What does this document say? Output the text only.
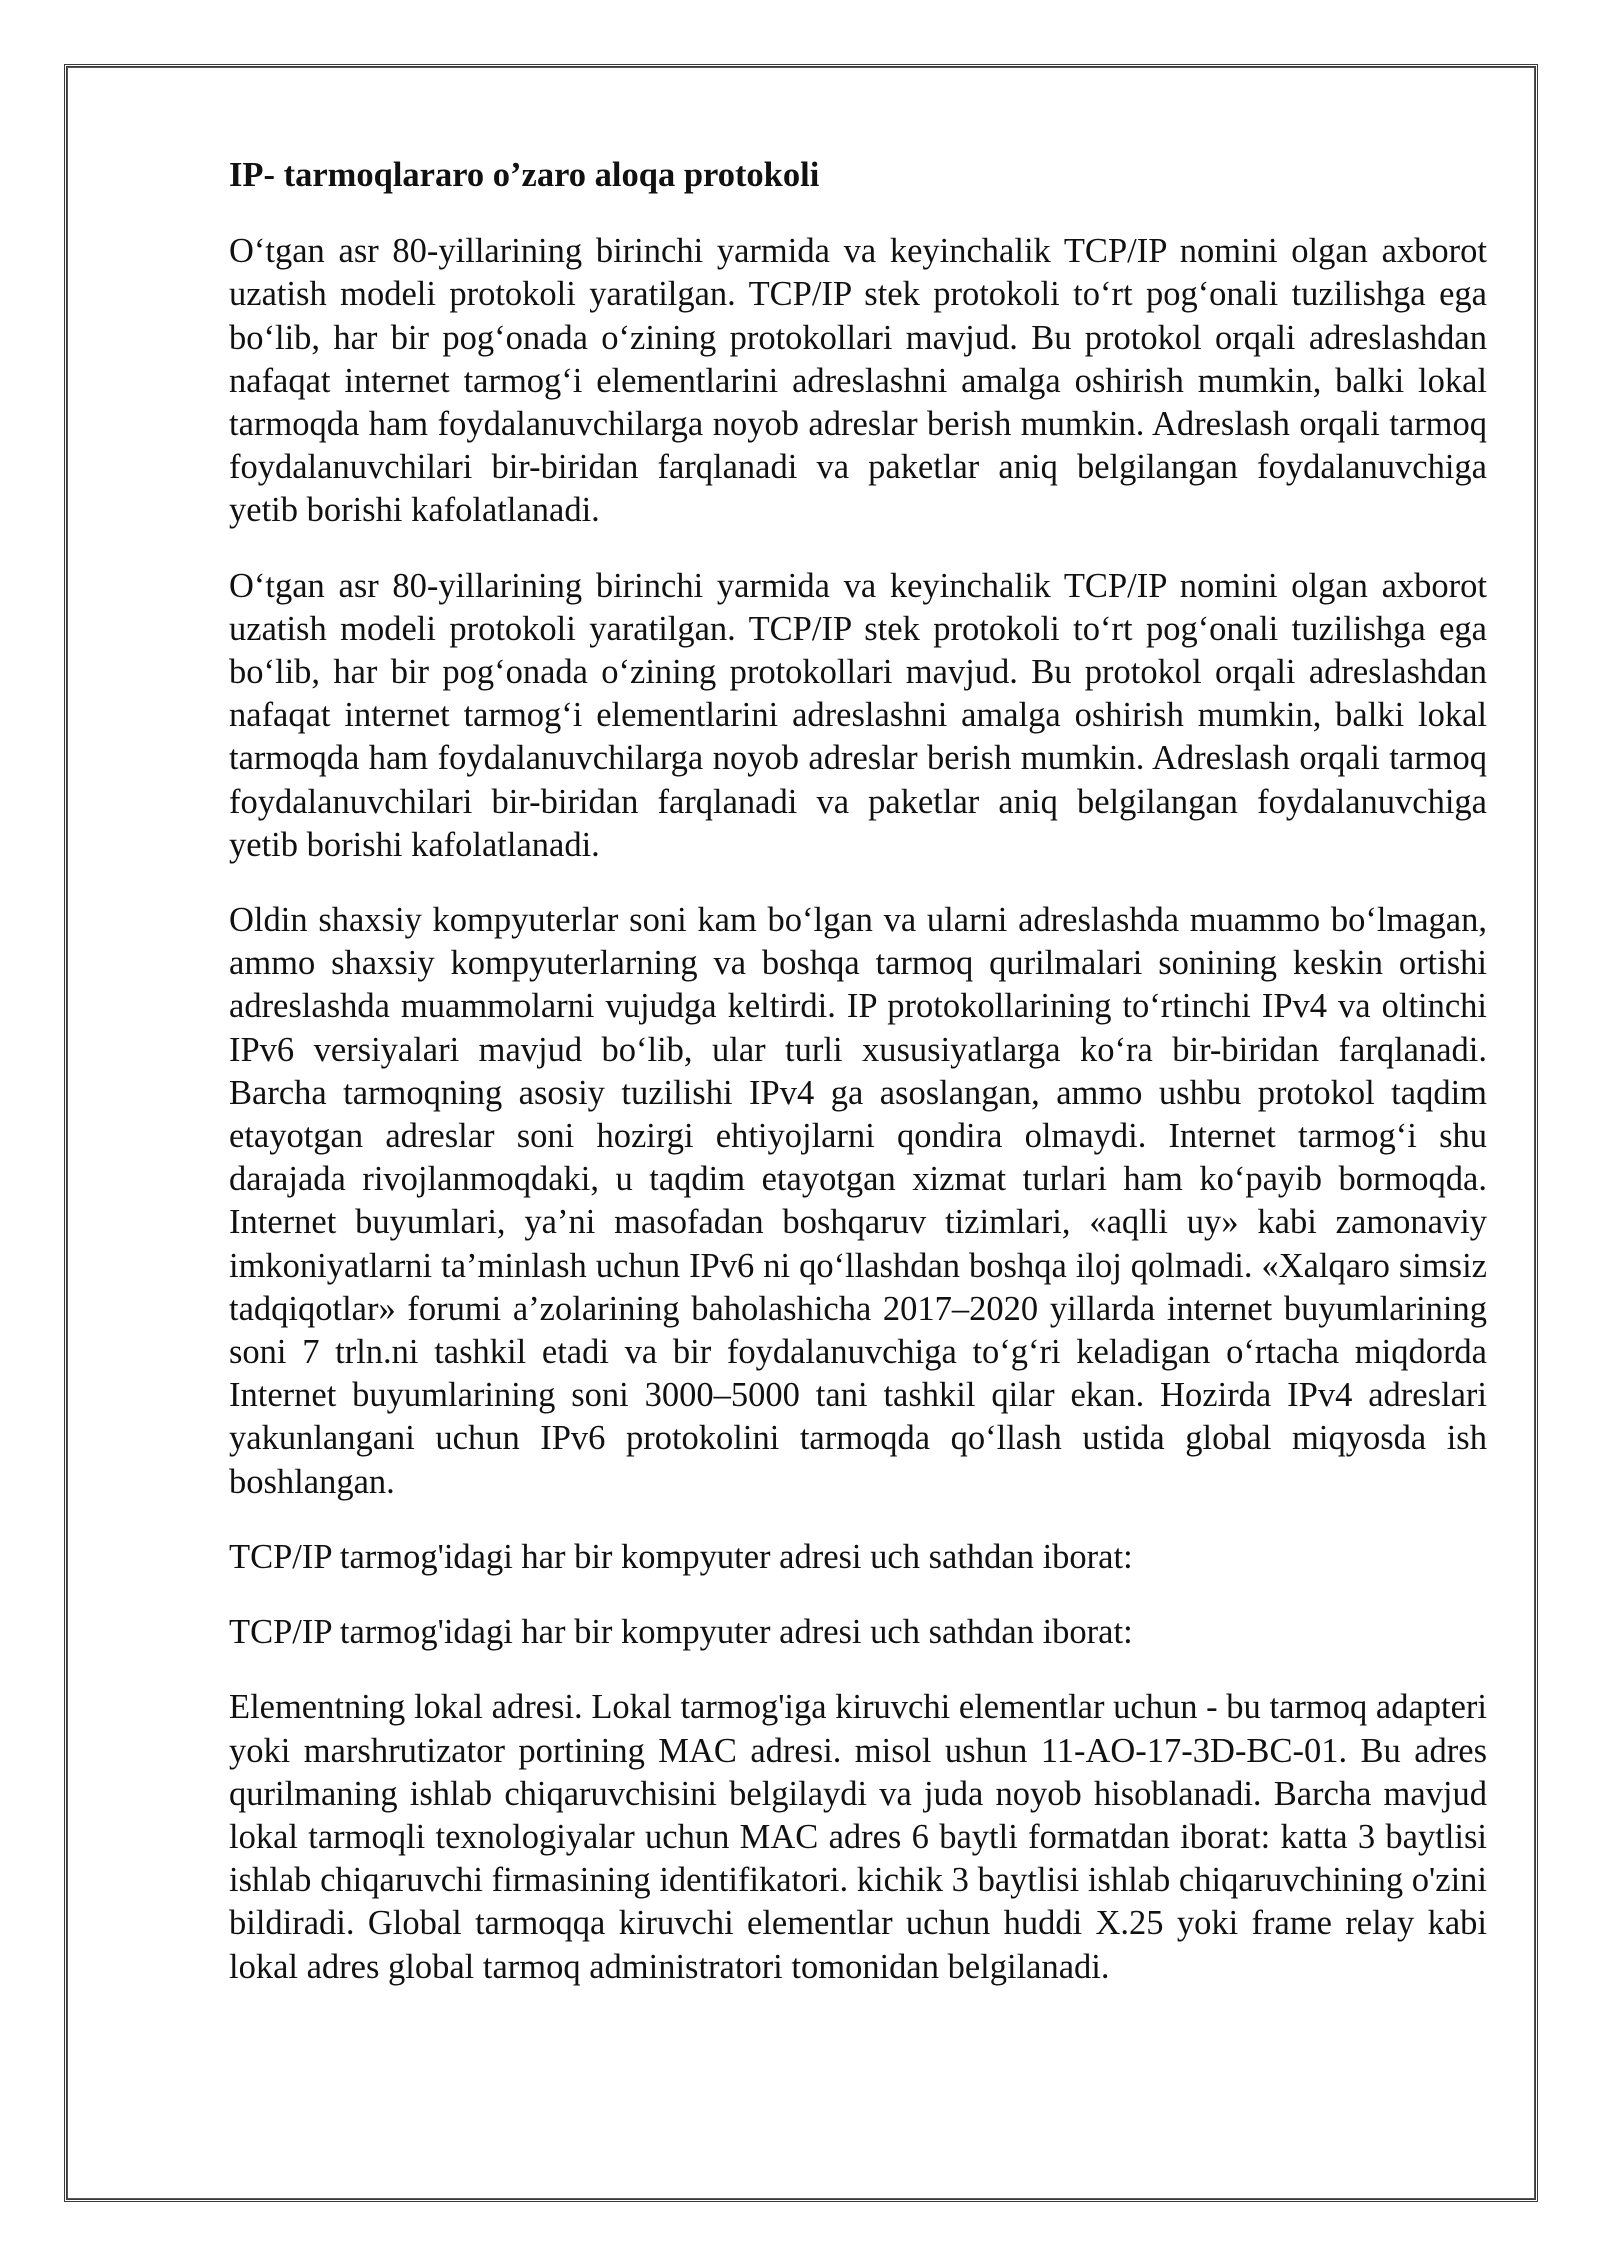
IP- tarmoqlararo o’zaro aloqa protokoli

O‘tgan asr 80-yillarining birinchi yarmida va keyinchalik TCP/IP nomini olgan axborot uzatish modeli protokoli yaratilgan. TCP/IP stek protokoli to‘rt pog‘onali tuzilishga ega bo‘lib, har bir pog‘onada o‘zining protokollari mavjud. Bu protokol orqali adreslashdan nafaqat internet tarmog‘i elementlarini adreslashni amalga oshirish mumkin, balki lokal tarmoqda ham foydalanuvchilarga noyob adreslar berish mumkin. Adreslash orqali tarmoq foydalanuvchilari bir-biridan farqlanadi va paketlar aniq belgilangan foydalanuvchiga yetib borishi kafolatlanadi.

O‘tgan asr 80-yillarining birinchi yarmida va keyinchalik TCP/IP nomini olgan axborot uzatish modeli protokoli yaratilgan. TCP/IP stek protokoli to‘rt pog‘onali tuzilishga ega bo‘lib, har bir pog‘onada o‘zining protokollari mavjud. Bu protokol orqali adreslashdan nafaqat internet tarmog‘i elementlarini adreslashni amalga oshirish mumkin, balki lokal tarmoqda ham foydalanuvchilarga noyob adreslar berish mumkin. Adreslash orqali tarmoq foydalanuvchilari bir-biridan farqlanadi va paketlar aniq belgilangan foydalanuvchiga yetib borishi kafolatlanadi.

Oldin shaxsiy kompyuterlar soni kam bo‘lgan va ularni adreslashda muammo bo‘lmagan, ammo shaxsiy kompyuterlarning va boshqa tarmoq qurilmalari sonining keskin ortishi adreslashda muammolarni vujudga keltirdi. IP protokollarining to‘rtinchi IPv4 va oltinchi IPv6 versiyalari mavjud bo‘lib, ular turli xususiyatlarga ko‘ra bir-biridan farqlanadi. Barcha tarmoqning asosiy tuzilishi IPv4 ga asoslangan, ammo ushbu protokol taqdim etayotgan adreslar soni hozirgi ehtiyojlarni qondira olmaydi. Internet tarmog‘i shu darajada rivojlanmoqdaki, u taqdim etayotgan xizmat turlari ham ko‘payib bormoqda. Internet buyumlari, ya’ni masofadan boshqaruv tizimlari, «aqlli uy» kabi zamonaviy imkoniyatlarni ta’minlash uchun IPv6 ni qo‘llashdan boshqa iloj qolmadi. «Xalqaro simsiz tadqiqotlar» forumi a’zolarining baholashicha 2017–2020 yillarda internet buyumlarining soni 7 trln.ni tashkil etadi va bir foydalanuvchiga to‘g‘ri keladigan o‘rtacha miqdorda Internet buyumlarining soni 3000–5000 tani tashkil qilar ekan. Hozirda IPv4 adreslari yakunlangani uchun IPv6 protokolini tarmoqda qo‘llash ustida global miqyosda ish boshlangan.

TCP/IP tarmog'idagi har bir kompyuter adresi uch sathdan iborat:

TCP/IP tarmog'idagi har bir kompyuter adresi uch sathdan iborat:

Elementning lokal adresi. Lokal tarmog'iga kiruvchi elementlar uchun - bu tarmoq adapteri yoki marshrutizator portining MAC adresi. misol ushun 11-AO-17-3D-BC-01. Bu adres qurilmaning ishlab chiqaruvchisini belgilaydi va juda noyob hisoblanadi. Barcha mavjud lokal tarmoqli texnologiyalar uchun MAC adres 6 baytli formatdan iborat: katta 3 baytlisi ishlab chiqaruvchi firmasining identifikatori. kichik 3 baytlisi ishlab chiqaruvchining o'zini bildiradi. Global tarmoqqa kiruvchi elementlar uchun huddi X.25 yoki frame relay kabi lokal adres global tarmoq administratori tomonidan belgilanadi.
